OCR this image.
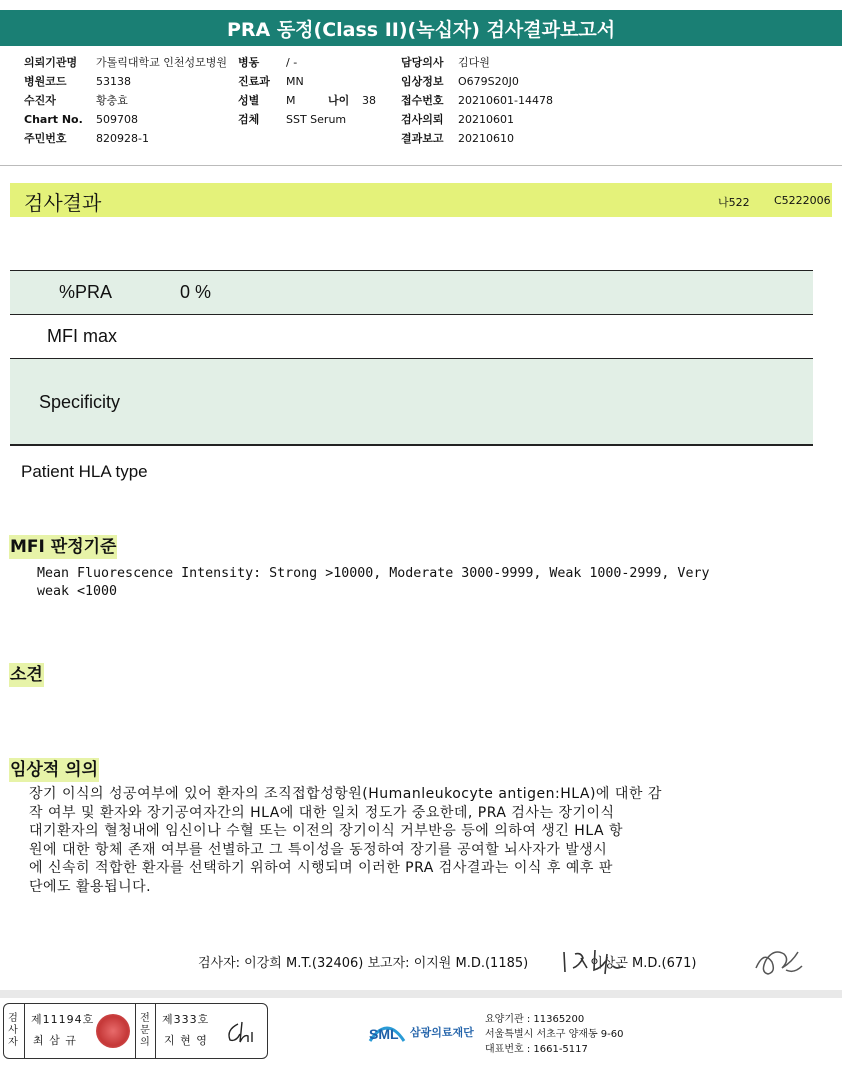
PRA 동정(Class II)(녹십자) 검사결과보고서
의뢰기관명 가톨릭대학교 인천성모병원
병원코드	53138
수진자	황충효
Chart No. 509708
주민번호	820928-1
병동 / -
진료과 MN
성별 M	나이 38
검체 SST Serum
담당의사 김다원
임상정보 O679S20J0
접수번호 20210601-14478
검사의뢰 20210601
결과보고 20210610
검사결과	나522 C5222006
%PRA	0 %
MFI max
Specificity
Patient HLA type
MFI 판정기준
Mean Fluorescence Intensity: Strong >10000, Moderate 3000-9999, Weak 1000-2999, Very
weak <1000
소견
임상적 의의
장기 이식의 성공여부에 있어 환자의 조직접합성항원(Humanleukocyte antigen:HLA)에 대한 감
작 여부 및 환자와 장기공여자간의 HLA에 대한 일치 정도가 중요한데, PRA 검사는 장기이식
대기환자의 혈청내에 임신이나 수혈 또는 이전의 장기이식 거부반응 등에 의하여 생긴 HLA 항
원에 대한 항체 존재 여부를 선별하고 그 특이성을 동정하여 장기를 공여할 뇌사자가 발생시
에 신속히 적합한 환자를 선택하기 위하여 시행되며 이러한 PRA 검사결과는 이식 후 예후 판
단에도 활용됩니다.
검사자: 이강희 M.T.(32406) 보고자: 이지원 M.D.(1185)	이상곤 M.D.(671)
검사자
제11194호
최 삼 규
전문의
제333호
지 현 영	SML 삼광의료재단
요양기관 : 11365200
서울특별시 서초구 양재동 9-60
대표번호 : 1661-5117
